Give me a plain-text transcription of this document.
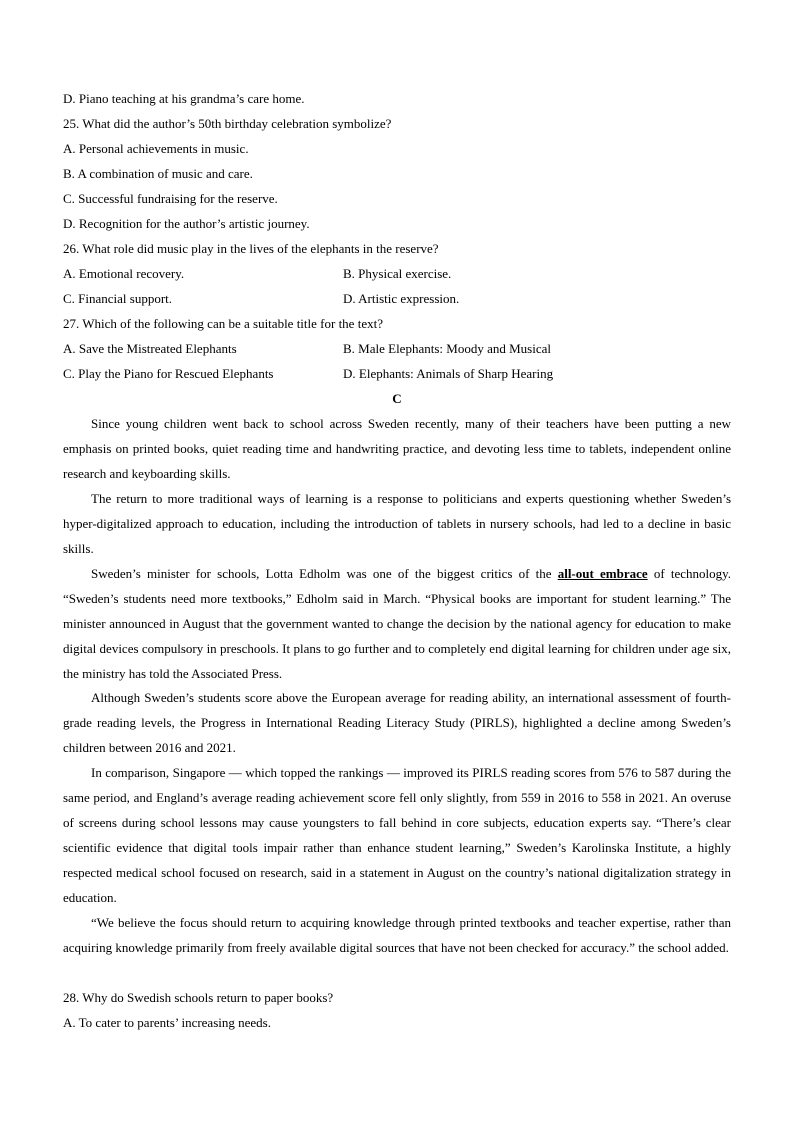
D. Piano teaching at his grandma’s care home.
25. What did the author’s 50th birthday celebration symbolize?
A. Personal achievements in music.
B. A combination of music and care.
C. Successful fundraising for the reserve.
D. Recognition for the author’s artistic journey.
26. What role did music play in the lives of the elephants in the reserve?
A. Emotional recovery.	B. Physical exercise.
C. Financial support.	D. Artistic expression.
27. Which of the following can be a suitable title for the text?
A. Save the Mistreated Elephants	B. Male Elephants: Moody and Musical
C. Play the Piano for Rescued Elephants	D. Elephants: Animals of Sharp Hearing
C
Since young children went back to school across Sweden recently, many of their teachers have been putting a new emphasis on printed books, quiet reading time and handwriting practice, and devoting less time to tablets, independent online research and keyboarding skills.
The return to more traditional ways of learning is a response to politicians and experts questioning whether Sweden’s hyper-digitalized approach to education, including the introduction of tablets in nursery schools, had led to a decline in basic skills.
Sweden’s minister for schools, Lotta Edholm was one of the biggest critics of the all-out embrace of technology. “Sweden’s students need more textbooks,” Edholm said in March. “Physical books are important for student learning.” The minister announced in August that the government wanted to change the decision by the national agency for education to make digital devices compulsory in preschools. It plans to go further and to completely end digital learning for children under age six, the ministry has told the Associated Press.
Although Sweden’s students score above the European average for reading ability, an international assessment of fourth-grade reading levels, the Progress in International Reading Literacy Study (PIRLS), highlighted a decline among Sweden’s children between 2016 and 2021.
In comparison, Singapore — which topped the rankings — improved its PIRLS reading scores from 576 to 587 during the same period, and England’s average reading achievement score fell only slightly, from 559 in 2016 to 558 in 2021. An overuse of screens during school lessons may cause youngsters to fall behind in core subjects, education experts say. “There’s clear scientific evidence that digital tools impair rather than enhance student learning,” Sweden’s Karolinska Institute, a highly respected medical school focused on research, said in a statement in August on the country’s national digitalization strategy in education.
“We believe the focus should return to acquiring knowledge through printed textbooks and teacher expertise, rather than acquiring knowledge primarily from freely available digital sources that have not been checked for accuracy.” the school added.
28. Why do Swedish schools return to paper books?
A. To cater to parents’ increasing needs.
